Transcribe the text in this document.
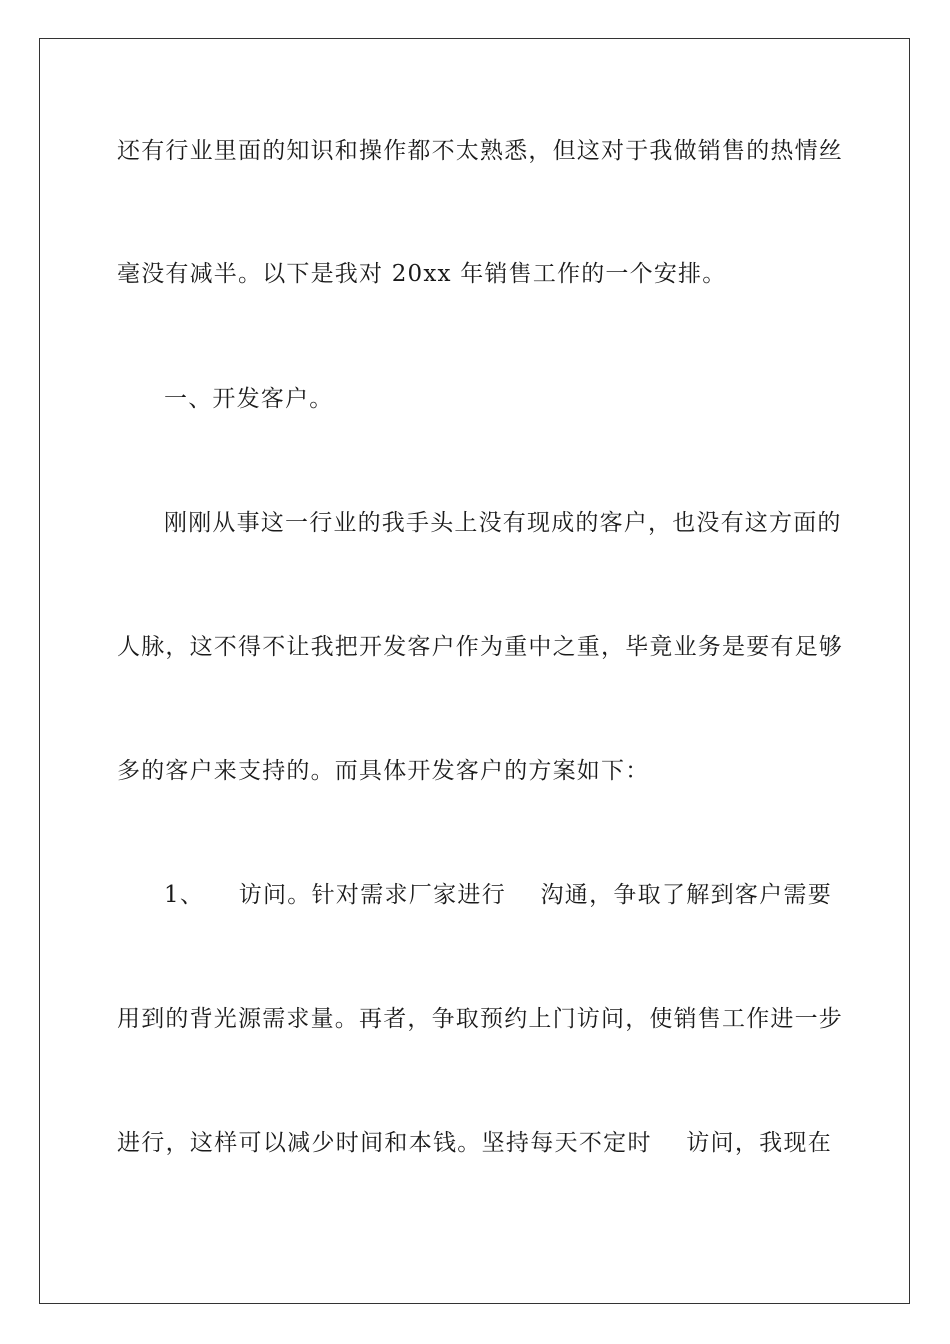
还有行业里面的知识和操作都不太熟悉，但这对于我做销售的热情丝
毫没有减半。以下是我对 20xx 年销售工作的一个安排。
一、开发客户。
刚刚从事这一行业的我手头上没有现成的客户，也没有这方面的
人脉，这不得不让我把开发客户作为重中之重，毕竟业务是要有足够
多的客户来支持的。而具体开发客户的方案如下：
1、    访问。针对需求厂家进行    沟通，争取了解到客户需要
用到的背光源需求量。再者，争取预约上门访问，使销售工作进一步
进行，这样可以减少时间和本钱。坚持每天不定时    访问，我现在
